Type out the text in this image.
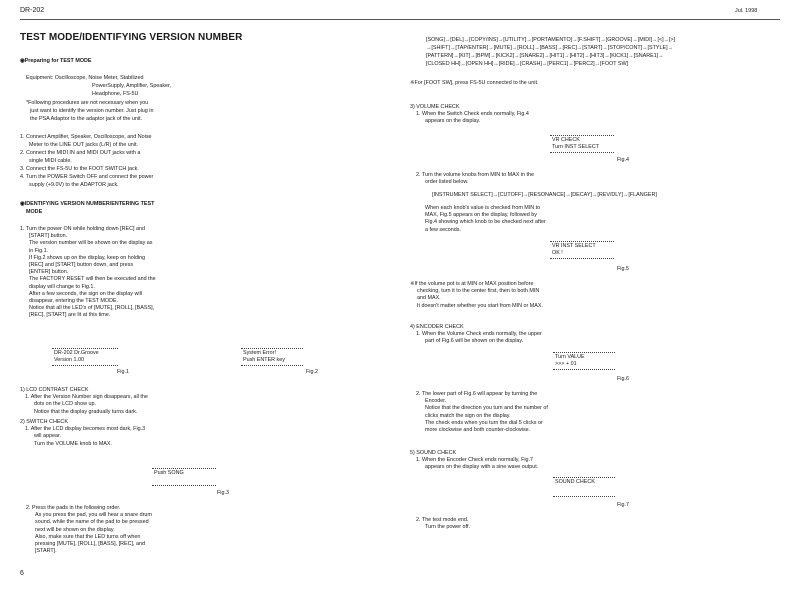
DR-202	Jul. 1998
TEST MODE/IDENTIFYING VERSION NUMBER
◉Preparing for TEST MODE
Equipment: Oscilloscope, Noise Meter, Stabilized
PowerSupply, Amplifier, Speaker,
Headphone, FS-5U
*Following procedures are not necessary when you
just want to identify the version number. Just plug in
the PSA Adaptor to the adaptor jack of the unit.
1. Connect Amplifier, Speaker, Oscilloscope, and Noise
Meter to the LINE OUT jacks (L/R) of the unit.
2. Connect the MIDI IN and MIDI OUT jacks with a
single MIDI cable.
3. Connect the FS-5U to the FOOT SWITCH jack.
4. Turn the POWER Switch OFF and connect the power
supply (+9.0V) to the ADAPTOR jack.
◉IDENTIFYING VERSION NUMBER/ENTERING TEST
MODE

1. Turn the power ON while holding down [REC] and

[START] button.

The version number will be shown on the display as

in Fig.1.

If Fig.2 shows up on the display, keep on holding

[REC] and [START] button down, and press

[ENTER] button.

The FACTORY RESET will then be executed and the

display will change to Fig.1.

After a few seconds, the sign on the display will

disappear, entering the TEST MODE.

Notice that all the LED's of [MUTE], [ROLL], [BASS],

[REC], [START] are lit at this time.

DR-202 Dr.Groove
Version 1.00
Fig.1
System Error!
Push ENTER key
Fig.2

1) LCD CONTRAST CHECK

1. After the Version Number sign disappears, all the

dots on the LCD show up.

Notice that the display gradually turns dark.

2) SWITCH CHECK

1. After the LCD display becomes most dark, Fig.3

will appear.

Turn the VOLUME knob to MAX.

Push SONG
Fig.3

2. Press the pads in the following order.

As you press the pad, you will hear a snare drum

sound, while the name of the pad to be pressed

next will be shown on the display.

Also, make sure that the LED turns off when

pressing [MUTE], [ROLL], [BASS], [REC], and

[START].

6

[SONG]→[DEL]→[COPY/INS]→[UTILITY]→[PORTAMENTO]→[F.SHIFT]→[GROOVE]→[MIDI]→[<]→[>]

→[SHIFT]→[TAP/ENTER]→[MUTE]→[ROLL]→[BASS]→[REC]→[START]→[STOP/CONT]→[STYLE]→

[PATTERN]→[KIT]→[BPM]→[KICK2]→[SNARE2]→[HIT1]→[HIT2]→[HIT3]→[KICK1]→[SNARE1]→

[CLOSED HH]→[OPEN HH]→[RIDE]→[CRASH]→[PERC1]→[PERC2]→[FOOT SW]

※For [FOOT SW], press FS-5U connected to the unit.

3) VOLUME CHECK

1. When the Switch Check ends normally, Fig.4

appears on the display.

VR CHECK
Turn INST SELECT
Fig.4

2. Turn the volume knobs from MIN to MAX in the

order listed below.

[INSTRUMENT SELECT]→[CUTOFF]→[RESONANCE]→[DECAY]→[REV/DLY]→[FLANGER]

When each knob's value is checked from MIN to

MAX, Fig.5 appears on the display, followed by

Fig.4 showing which knob to be checked next after

a few seconds.

VR INST SELECT
OK !
Fig.5

※If the volume pot is at MIN or MAX position before

checking, turn it to the center first, then to both MIN

and MAX.

It doesn't matter whether you start from MIN or MAX.

4) ENCODER CHECK

1. When the Volume Check ends normally, the upper

part of Fig.6 will be shown on the display.

Turn VALUE
>>> + 01
Fig.6

2. The lower part of Fig.6 will appear by turning the

Encoder.

Notice that the direction you turn and the number of

clicks match the sign on the display.

The check ends when you turn the dial 5 clicks or

more clockwise and both counter-clockwise.

5) SOUND CHECK

1. When the Encoder Check ends normally, Fig.7

appears on the display with a sine wave output.

SOUND CHECK
Fig.7

2. The test mode end.

Turn the power off.
